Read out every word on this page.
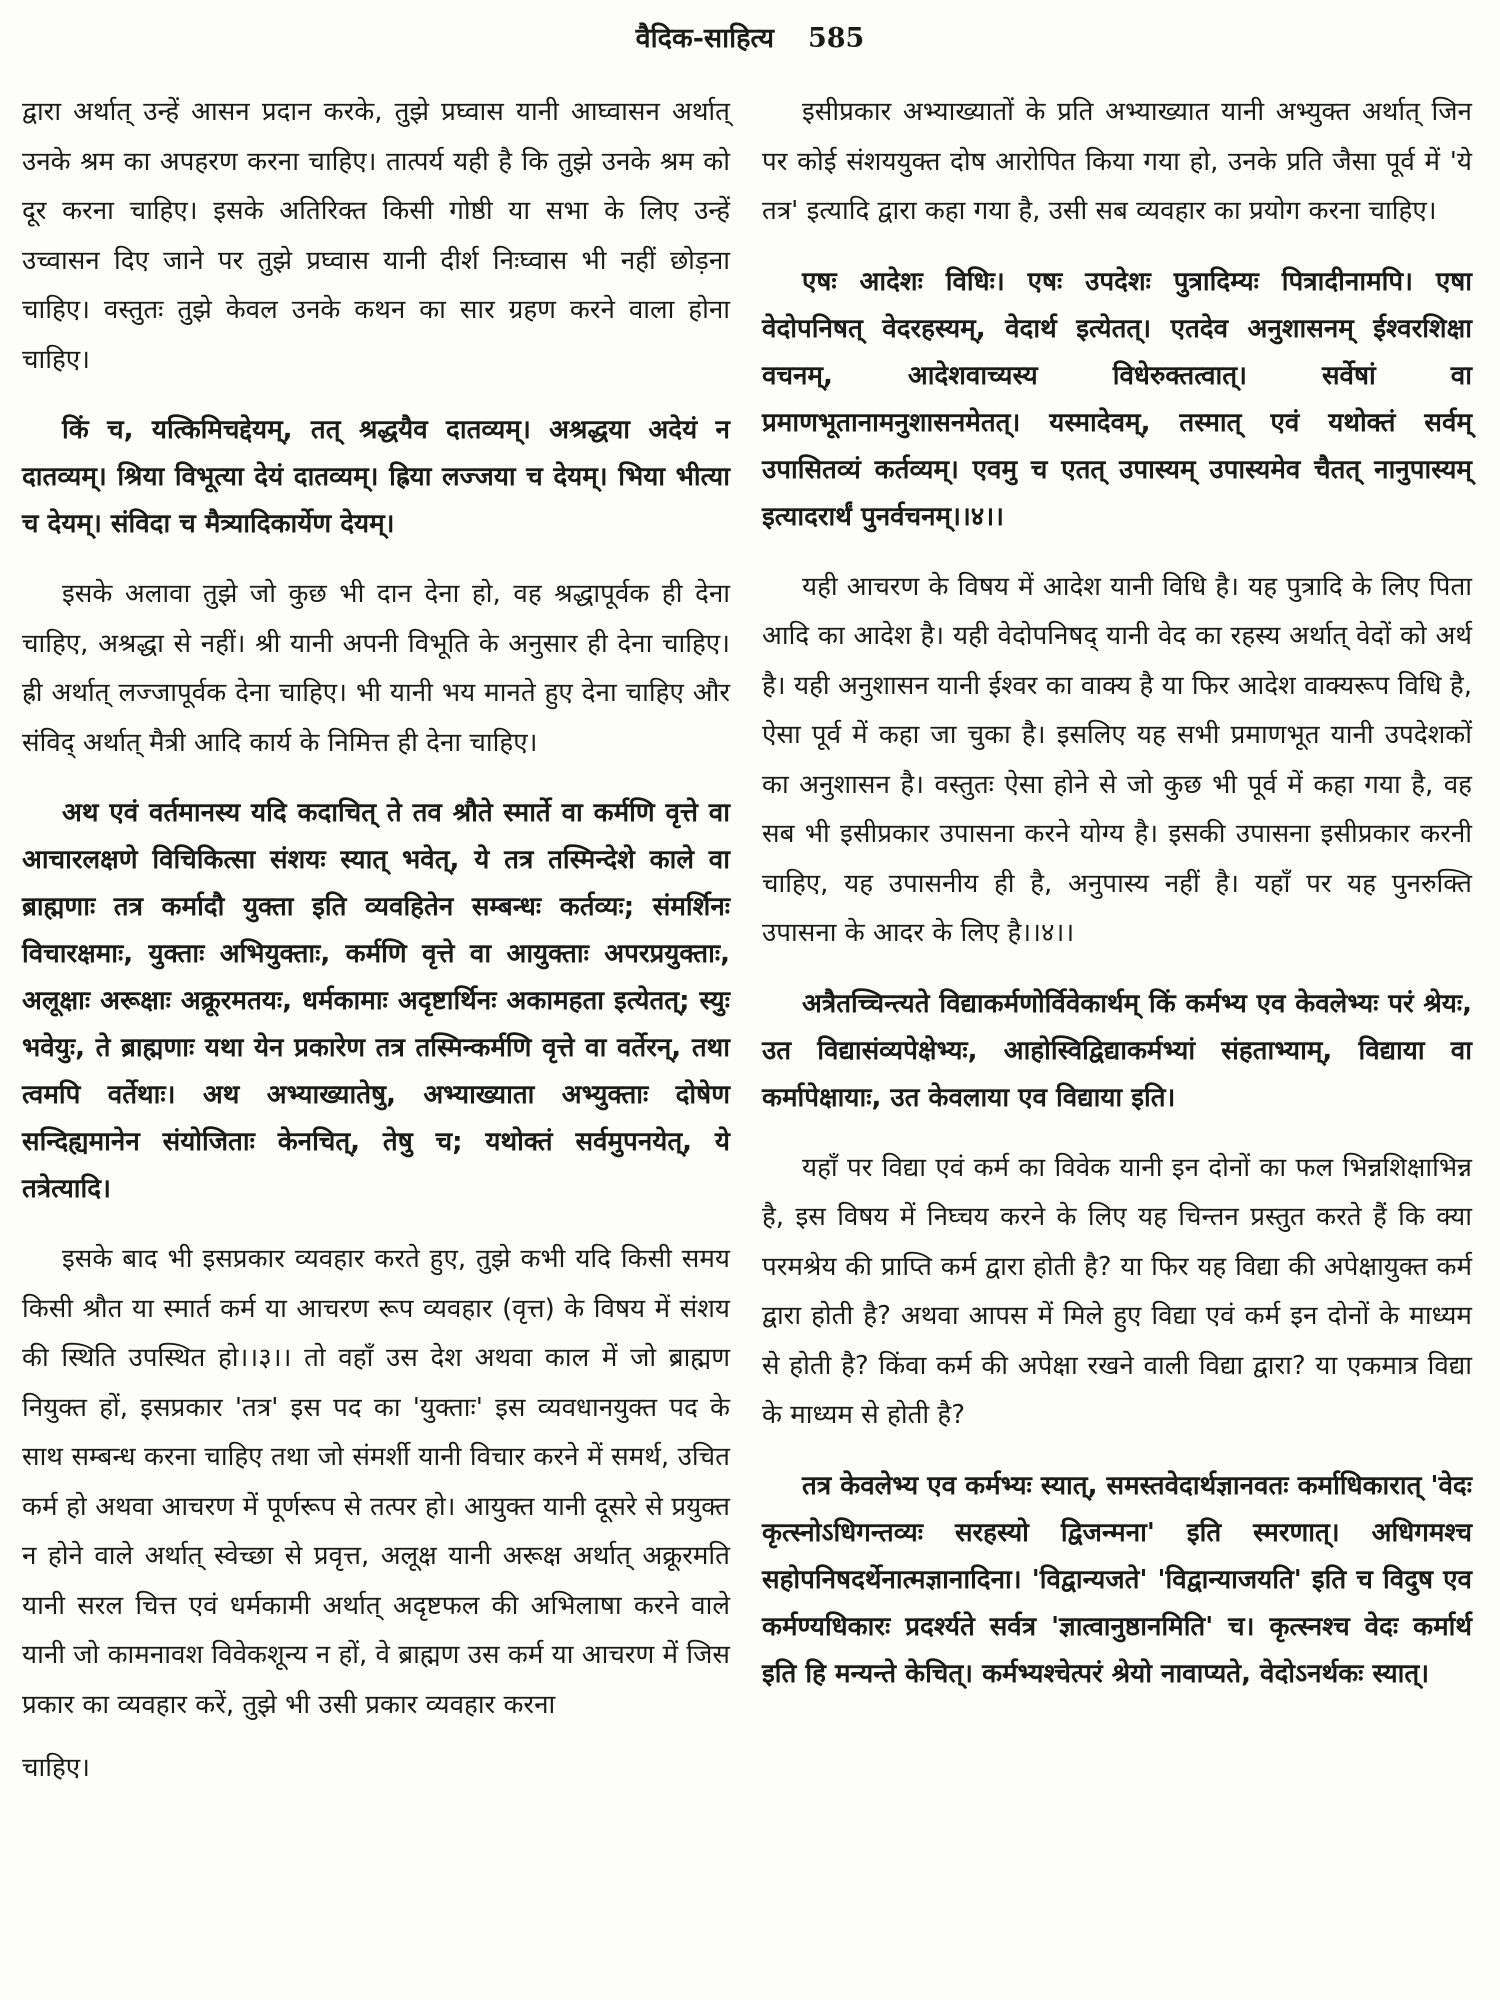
वैदिक-साहित्य 585

द्वारा अर्थात् उन्हें आसन प्रदान करके, तुझे प्रघ्वास यानी आघ्वासन अर्थात् उनके श्रम का अपहरण करना चाहिए। तात्पर्य यही है कि तुझे उनके श्रम को दूर करना चाहिए। इसके अतिरिक्त किसी गोष्ठी या सभा के लिए उन्हें उच्वासन दिए जाने पर तुझे प्रघ्वास यानी दीर्श निःघ्वास भी नहीं छोड़ना चाहिए। वस्तुतः तुझे केवल उनके कथन का सार ग्रहण करने वाला होना चाहिए।

किं च, यत्किमिचद्देयम्, तत् श्रद्धयैव दातव्यम्। अश्रद्धया अदेयं न दातव्यम्। श्रिया विभूत्या देयं दातव्यम्। ह्रिया लज्जया च देयम्। भिया भीत्या च देयम्। संविदा च मैत्र्यादिकार्येण देयम्।

इसके अलावा तुझे जो कुछ भी दान देना हो, वह श्रद्धापूर्वक ही देना चाहिए, अश्रद्धा से नहीं। श्री यानी अपनी विभूति के अनुसार ही देना चाहिए। ह्री अर्थात् लज्जापूर्वक देना चाहिए। भी यानी भय मानते हुए देना चाहिए और संविद् अर्थात् मैत्री आदि कार्य के निमित्त ही देना चाहिए।

अथ एवं वर्तमानस्य यदि कदाचित् ते तव श्रौते स्मार्ते वा कर्मणि वृत्ते वा आचारलक्षणे विचिकित्सा संशयः स्यात् भवेत्, ये तत्र तस्मिन्देशे काले वा ब्राह्मणाः तत्र कर्मादौ युक्ता इति व्यवहितेन सम्बन्धः कर्तव्यः; संमर्शिनः विचारक्षमाः, युक्ताः अभियुक्ताः, कर्मणि वृत्ते वा आयुक्ताः अपरप्रयुक्ताः, अलूक्षाः अरूक्षाः अक्रूरमतयः, धर्मकामाः अदृष्टार्थिनः अकामहता इत्येतत्; स्युः भवेयुः, ते ब्राह्मणाः यथा येन प्रकारेण तत्र तस्मिन्कर्मणि वृत्ते वा वर्तेरन्, तथा त्वमपि वर्तेथाः। अथ अभ्याख्यातेषु, अभ्याख्याता अभ्युक्ताः दोषेण सन्दिह्यमानेन संयोजिताः केनचित्, तेषु च; यथोक्तं सर्वमुपनयेत्, ये तत्रेत्यादि।

इसके बाद भी इसप्रकार व्यवहार करते हुए, तुझे कभी यदि किसी समय किसी श्रौत या स्मार्त कर्म या आचरण रूप व्यवहार (वृत्त) के विषय में संशय की स्थिति उपस्थित हो।।३।। तो वहाँ उस देश अथवा काल में जो ब्राह्मण नियुक्त हों, इसप्रकार 'तत्र' इस पद का 'युक्ताः' इस व्यवधानयुक्त पद के साथ सम्बन्ध करना चाहिए तथा जो संमर्शी यानी विचार करने में समर्थ, उचित कर्म हो अथवा आचरण में पूर्णरूप से तत्पर हो। आयुक्त यानी दूसरे से प्रयुक्त न होने वाले अर्थात् स्वेच्छा से प्रवृत्त, अलूक्ष यानी अरूक्ष अर्थात् अक्रूरमति यानी सरल चित्त एवं धर्मकामी अर्थात् अदृष्टफल की अभिलाषा करने वाले यानी जो कामनावश विवेकशून्य न हों, वे ब्राह्मण उस कर्म या आचरण में जिस प्रकार का व्यवहार करें, तुझे भी उसी प्रकार व्यवहार करना

चाहिए।

इसीप्रकार अभ्याख्यातों के प्रति अभ्याख्यात यानी अभ्युक्त अर्थात् जिन पर कोई संशययुक्त दोष आरोपित किया गया हो, उनके प्रति जैसा पूर्व में 'ये तत्र' इत्यादि द्वारा कहा गया है, उसी सब व्यवहार का प्रयोग करना चाहिए।

एषः आदेशः विधिः। एषः उपदेशः पुत्रादिम्यः पित्रादीनामपि। एषा वेदोपनिषत् वेदरहस्यम्, वेदार्थ इत्येतत्। एतदेव अनुशासनम् ईश्वरशिक्षा वचनम्, आदेशवाच्यस्य विधेरुक्तत्वात्। सर्वेषां वा प्रमाणभूतानामनुशासनमेतत्। यस्मादेवम्, तस्मात् एवं यथोक्तं सर्वम् उपासितव्यं कर्तव्यम्। एवमु च एतत् उपास्यम् उपास्यमेव चैतत् नानुपास्यम् इत्यादरार्थं पुनर्वचनम्।।४।।

यही आचरण के विषय में आदेश यानी विधि है। यह पुत्रादि के लिए पिता आदि का आदेश है। यही वेदोपनिषद् यानी वेद का रहस्य अर्थात् वेदों को अर्थ है। यही अनुशासन यानी ईश्वर का वाक्य है या फिर आदेश वाक्यरूप विधि है, ऐसा पूर्व में कहा जा चुका है। इसलिए यह सभी प्रमाणभूत यानी उपदेशकों का अनुशासन है। वस्तुतः ऐसा होने से जो कुछ भी पूर्व में कहा गया है, वह सब भी इसीप्रकार उपासना करने योग्य है। इसकी उपासना इसीप्रकार करनी चाहिए, यह उपासनीय ही है, अनुपास्य नहीं है। यहाँ पर यह पुनरुक्ति उपासना के आदर के लिए है।।४।।

अत्रैतच्चिन्त्यते विद्याकर्मणोर्विवेकार्थम् किं कर्मभ्य एव केवलेभ्यः परं श्रेयः, उत विद्यासंव्यपेक्षेभ्यः, आहोस्विद्विद्याकर्मभ्यां संहताभ्याम्, विद्याया वा कर्मापेक्षायाः, उत केवलाया एव विद्याया इति।

यहाँ पर विद्या एवं कर्म का विवेक यानी इन दोनों का फल भिन्नशिक्षाभिन्न है, इस विषय में निघ्चय करने के लिए यह चिन्तन प्रस्तुत करते हैं कि क्या परमश्रेय की प्राप्ति कर्म द्वारा होती है? या फिर यह विद्या की अपेक्षायुक्त कर्म द्वारा होती है? अथवा आपस में मिले हुए विद्या एवं कर्म इन दोनों के माध्यम से होती है? किंवा कर्म की अपेक्षा रखने वाली विद्या द्वारा? या एकमात्र विद्या के माध्यम से होती है?

तत्र केवलेभ्य एव कर्मभ्यः स्यात्, समस्तवेदार्थज्ञानवतः कर्माधिकारात् 'वेदः कृत्स्नोऽधिगन्तव्यः सरहस्यो द्विजन्मना' इति स्मरणात्। अधिगमश्च सहोपनिषदर्थेनात्मज्ञानादिना। 'विद्वान्यजते' 'विद्वान्याजयति' इति च विदुष एव कर्मण्यधिकारः प्रदर्श्यते सर्वत्र 'ज्ञात्वानुष्ठानमिति' च। कृत्स्नश्च वेदः कर्मार्थ इति हि मन्यन्ते केचित्। कर्मभ्यश्चेत्परं श्रेयो नावाप्यते, वेदोऽनर्थकः स्यात्।
